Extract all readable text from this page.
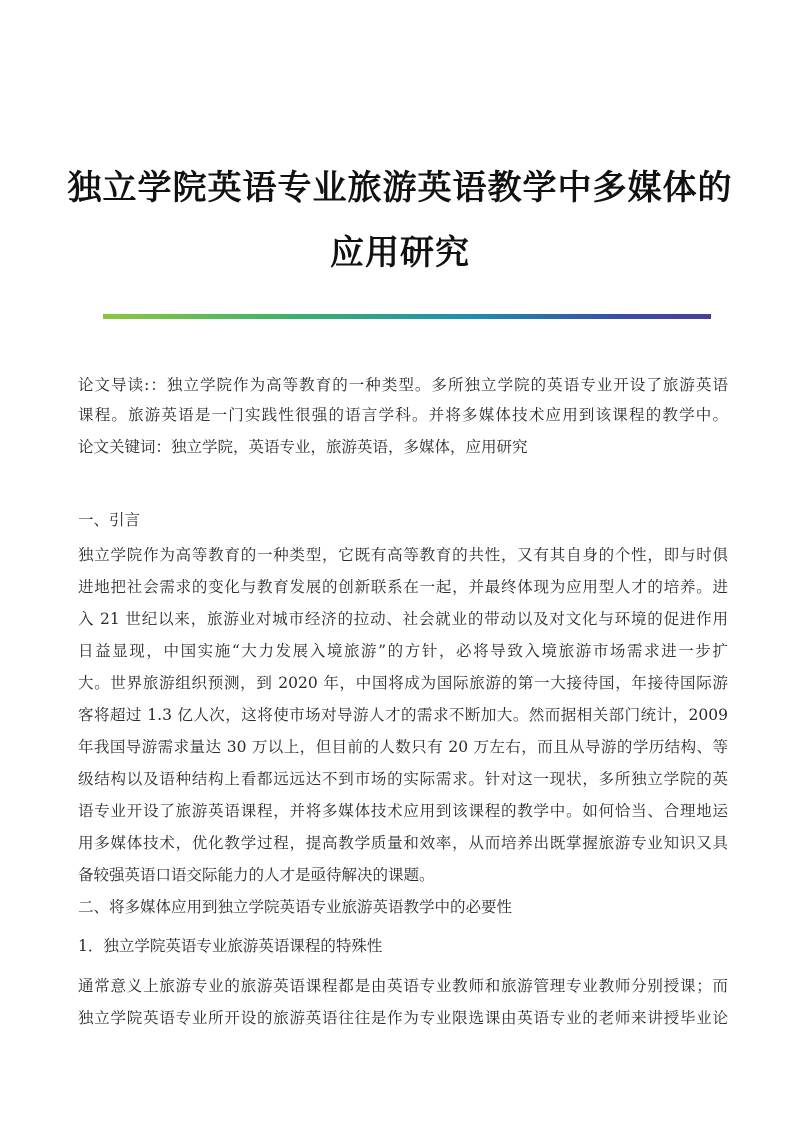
独立学院英语专业旅游英语教学中多媒体的
应用研究
论文导读:：独立学院作为高等教育的一种类型。多所独立学院的英语专业开设了旅游英语
课程。旅游英语是一门实践性很强的语言学科。并将多媒体技术应用到该课程的教学中。
论文关键词：独立学院，英语专业，旅游英语，多媒体，应用研究
一、引言
独立学院作为高等教育的一种类型，它既有高等教育的共性，又有其自身的个性，即与时俱
进地把社会需求的变化与教育发展的创新联系在一起，并最终体现为应用型人才的培养。进
入 21 世纪以来，旅游业对城市经济的拉动、社会就业的带动以及对文化与环境的促进作用
日益显现，中国实施“大力发展入境旅游”的方针，必将导致入境旅游市场需求进一步扩
大。世界旅游组织预测，到 2020 年，中国将成为国际旅游的第一大接待国，年接待国际游
客将超过 1.3 亿人次，这将使市场对导游人才的需求不断加大。然而据相关部门统计，2009
年我国导游需求量达 30 万以上，但目前的人数只有 20 万左右，而且从导游的学历结构、等
级结构以及语种结构上看都远远达不到市场的实际需求。针对这一现状，多所独立学院的英
语专业开设了旅游英语课程，并将多媒体技术应用到该课程的教学中。如何恰当、合理地运
用多媒体技术，优化教学过程，提高教学质量和效率，从而培养出既掌握旅游专业知识又具
备较强英语口语交际能力的人才是亟待解决的课题。
二、将多媒体应用到独立学院英语专业旅游英语教学中的必要性
1．独立学院英语专业旅游英语课程的特殊性
通常意义上旅游专业的旅游英语课程都是由英语专业教师和旅游管理专业教师分别授课；而
独立学院英语专业所开设的旅游英语往往是作为专业限选课由英语专业的老师来讲授毕业论
